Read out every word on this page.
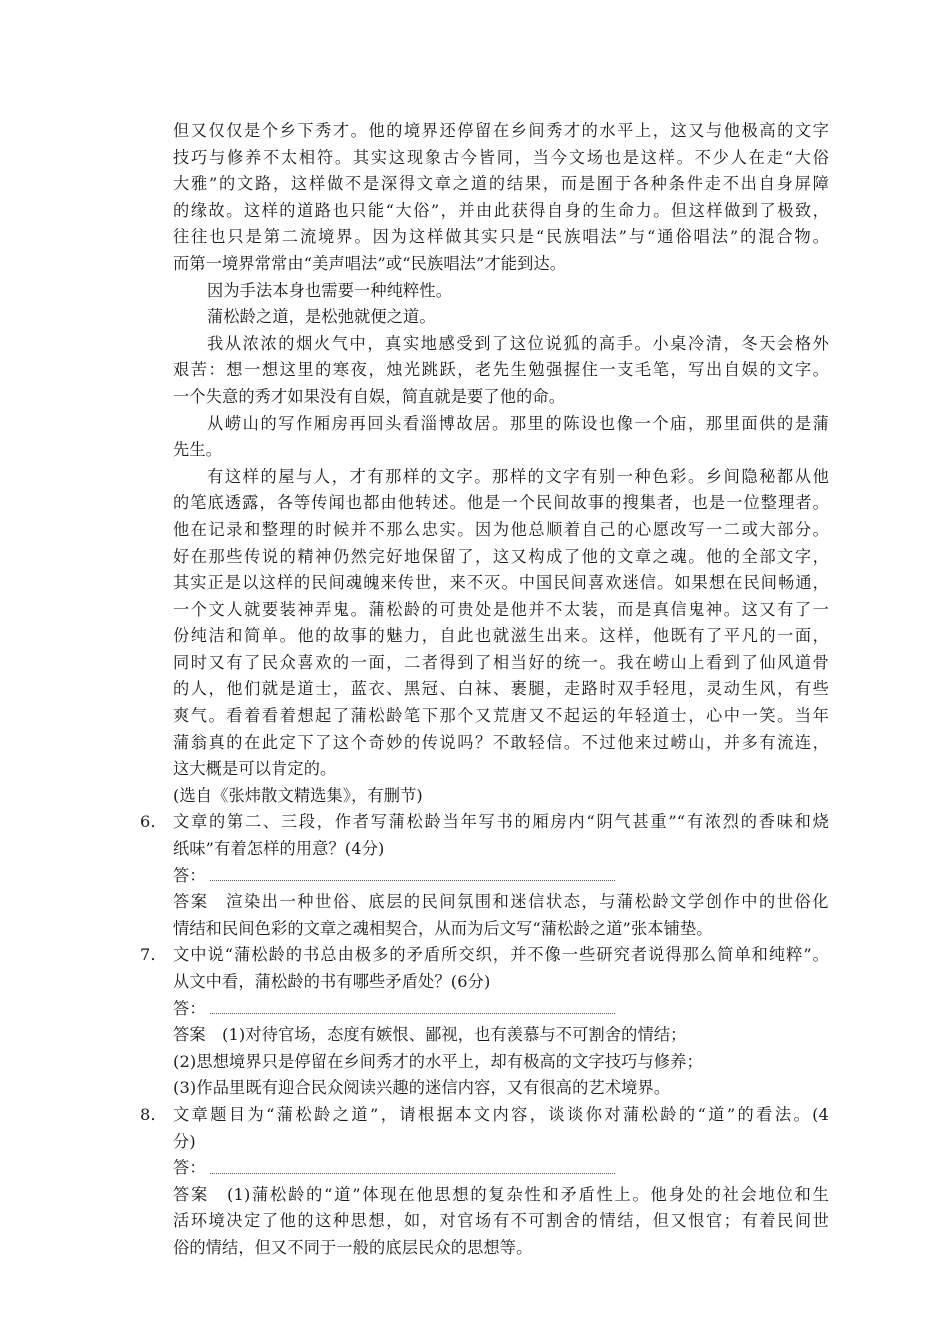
但又仅仅是个乡下秀才。他的境界还停留在乡间秀才的水平上，这又与他极高的文字
技巧与修养不太相符。其实这现象古今皆同，当今文场也是这样。不少人在走“大俗
大雅”的文路，这样做不是深得文章之道的结果，而是囿于各种条件走不出自身屏障
的缘故。这样的道路也只能“大俗”，并由此获得自身的生命力。但这样做到了极致，
往往也只是第二流境界。因为这样做其实只是“民族唱法”与“通俗唱法”的混合物。
而第一境界常常由“美声唱法”或“民族唱法”才能到达。
因为手法本身也需要一种纯粹性。
蒲松龄之道，是松弛就便之道。
我从浓浓的烟火气中，真实地感受到了这位说狐的高手。小桌冷清，冬天会格外
艰苦：想一想这里的寒夜，烛光跳跃，老先生勉强握住一支毛笔，写出自娱的文字。
一个失意的秀才如果没有自娱，简直就是要了他的命。
从崂山的写作厢房再回头看淄博故居。那里的陈设也像一个庙，那里面供的是蒲
先生。
有这样的屋与人，才有那样的文字。那样的文字有别一种色彩。乡间隐秘都从他
的笔底透露，各等传闻也都由他转述。他是一个民间故事的搜集者，也是一位整理者。
他在记录和整理的时候并不那么忠实。因为他总顺着自己的心愿改写一二或大部分。
好在那些传说的精神仍然完好地保留了，这又构成了他的文章之魂。他的全部文字，
其实正是以这样的民间魂魄来传世，来不灭。中国民间喜欢迷信。如果想在民间畅通，
一个文人就要装神弄鬼。蒲松龄的可贵处是他并不太装，而是真信鬼神。这又有了一
份纯洁和简单。他的故事的魅力，自此也就滋生出来。这样，他既有了平凡的一面，
同时又有了民众喜欢的一面，二者得到了相当好的统一。我在崂山上看到了仙风道骨
的人，他们就是道士，蓝衣、黑冠、白袜、裹腿，走路时双手轻甩，灵动生风，有些
爽气。看着看着想起了蒲松龄笔下那个又荒唐又不起运的年轻道士，心中一笑。当年
蒲翁真的在此定下了这个奇妙的传说吗？不敢轻信。不过他来过崂山，并多有流连，
这大概是可以肯定的。
(选自《张炜散文精选集》，有删节)
6． 文章的第二、三段，作者写蒲松龄当年写书的厢房内“阴气甚重”“有浓烈的香味和烧
纸味”有着怎样的用意？(4分)
答：
答案　渲染出一种世俗、底层的民间氛围和迷信状态，与蒲松龄文学创作中的世俗化
情结和民间色彩的文章之魂相契合，从而为后文写“蒲松龄之道”张本铺垫。
7． 文中说“蒲松龄的书总由极多的矛盾所交织，并不像一些研究者说得那么简单和纯粹”。
从文中看，蒲松龄的书有哪些矛盾处？(6分)
答：
答案　(1)对待官场，态度有嫉恨、鄙视，也有羡慕与不可割舍的情结；
(2)思想境界只是停留在乡间秀才的水平上，却有极高的文字技巧与修养；
(3)作品里既有迎合民众阅读兴趣的迷信内容，又有很高的艺术境界。
8． 文章题目为“蒲松龄之道”，请根据本文内容，谈谈你对蒲松龄的“道”的看法。(4
分)
答：
答案　(1)蒲松龄的“道”体现在他思想的复杂性和矛盾性上。他身处的社会地位和生
活环境决定了他的这种思想，如，对官场有不可割舍的情结，但又恨官；有着民间世
俗的情结，但又不同于一般的底层民众的思想等。
